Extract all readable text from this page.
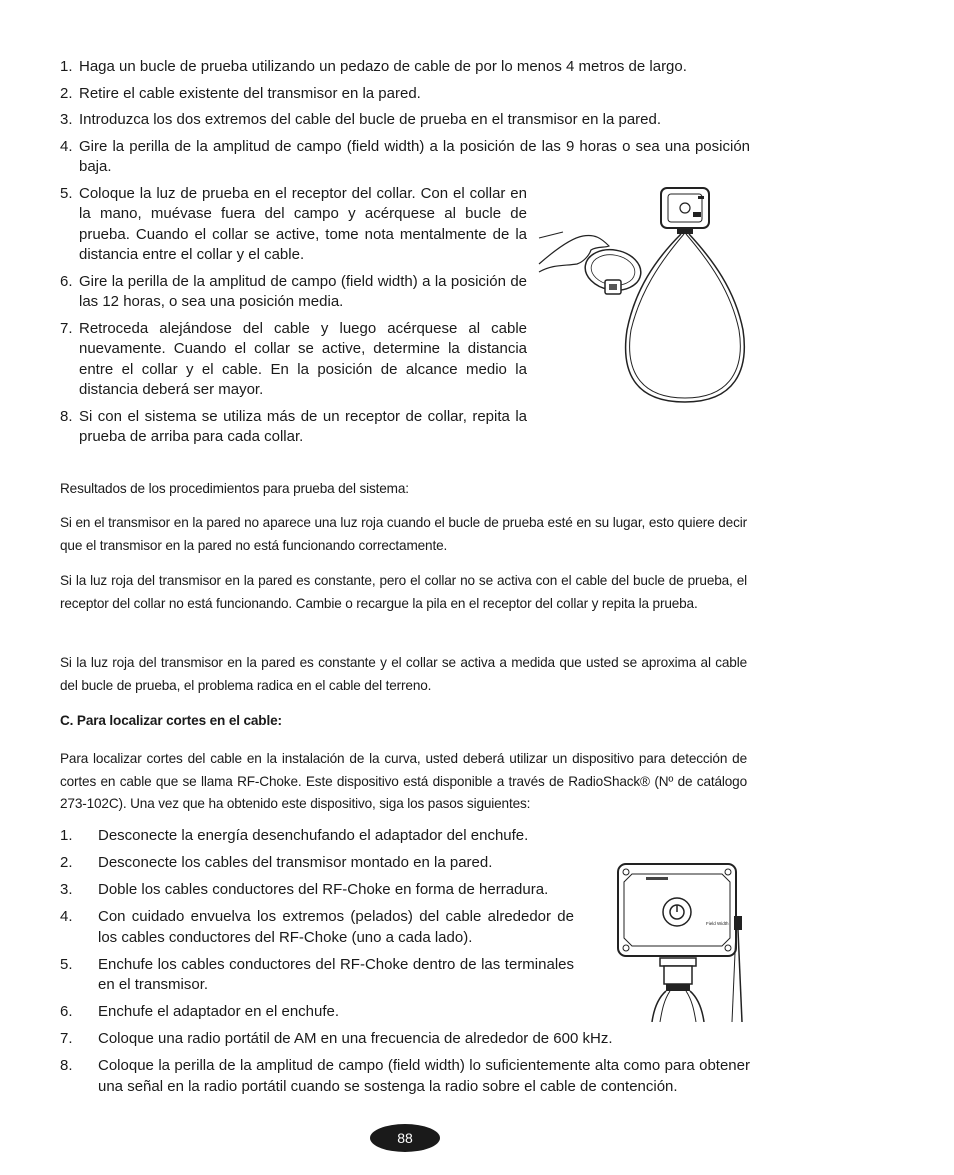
1. Haga un bucle de prueba utilizando un pedazo de cable de por lo menos 4 metros de largo.
2. Retire el cable existente del transmisor en la pared.
3. Introduzca los dos extremos del cable del bucle de prueba en el transmisor en la pared.
4. Gire la perilla de la amplitud de campo (field width) a la posición de las 9 horas o sea una posición baja.
5. Coloque la luz de prueba en el receptor del collar. Con el collar en la mano, muévase fuera del campo y acérquese al bucle de prueba. Cuando el collar se active, tome nota mentalmente de la distancia entre el collar y el cable.
6. Gire la perilla de la amplitud de campo (field width) a la posición de las 12 horas, o sea una posición media.
7. Retroceda alejándose del cable y luego acérquese al cable nuevamente. Cuando el collar se active, determine la distancia entre el collar y el cable. En la posición de alcance medio la distancia deberá ser mayor.
8. Si con el sistema se utiliza más de un receptor de collar, repita la prueba de arriba para cada collar.
Resultados de los procedimientos para prueba del sistema:
Si en el transmisor en la pared no aparece una luz roja cuando el bucle de prueba esté en su lugar, esto quiere decir que el transmisor en la pared no está funcionando correctamente.
Si la luz roja del transmisor en la pared es constante, pero el collar no se activa con el cable del bucle de prueba, el receptor del collar no está funcionando. Cambie o recargue la pila en el receptor del collar y repita la prueba.
Si la luz roja del transmisor en la pared es constante y el collar se activa a medida que usted se aproxima al cable del bucle de prueba, el problema radica en el cable del terreno.
C. Para localizar cortes en el cable:
Para localizar cortes del cable en la instalación de la curva, usted deberá utilizar un dispositivo para detección de cortes en cable que se llama RF-Choke. Este dispositivo está disponible a través de RadioShack® (Nº de catálogo 273-102C). Una vez que ha obtenido este dispositivo, siga los pasos siguientes:
1.	Desconecte la energía desenchufando el adaptador del enchufe.
2.	Desconecte los cables del transmisor montado en la pared.
3.	Doble los cables conductores del RF-Choke en forma de herradura.
4.	Con cuidado envuelva los extremos (pelados) del cable alrededor de los cables conductores del RF-Choke (uno a cada lado).
5.	Enchufe los cables conductores del RF-Choke dentro de las terminales en el transmisor.
6.	Enchufe el adaptador en el enchufe.
7.	Coloque una radio portátil de AM en una frecuencia de alrededor de 600 kHz.
8.	Coloque la perilla de la amplitud de campo (field width) lo suficientemente alta como para obtener una señal en la radio portátil cuando se sostenga la radio sobre el cable de contención.
Field Width
88
